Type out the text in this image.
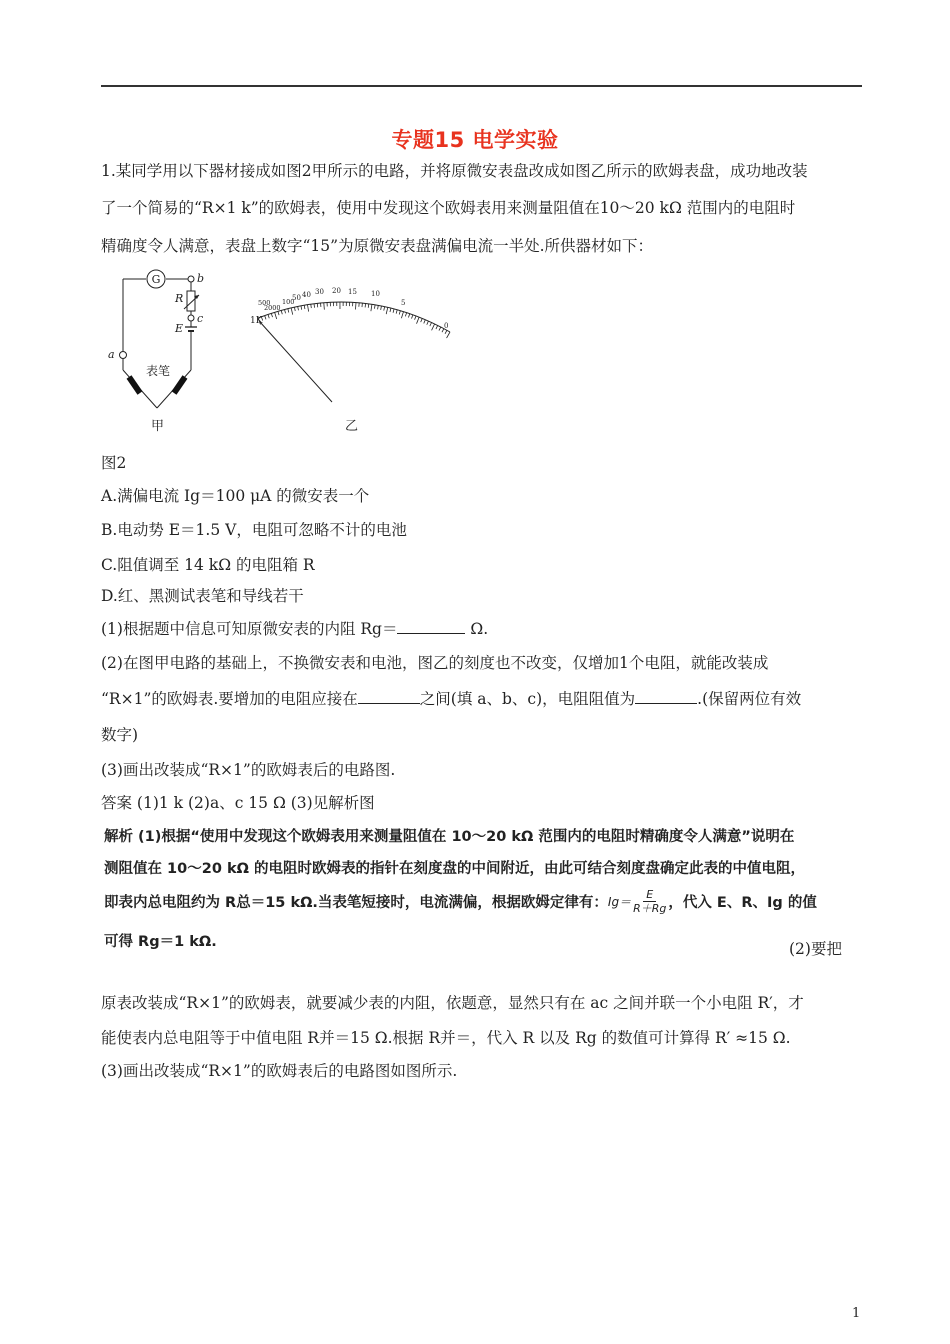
专题15 电学实验
1.某同学用以下器材接成如图2甲所示的电路，并将原微安表盘改成如图乙所示的欧姆表盘，成功地改装
了一个简易的“R×1 k”的欧姆表，使用中发现这个欧姆表用来测量阻值在10～20 kΩ 范围内的电阻时
精确度令人满意，表盘上数字“15”为原微安表盘满偏电流一半处.所供器材如下：
G	b
R
c
E
a
表笔
甲
1K
500
2000
100
50 40 30 20 15 10
5
0
乙
图2
A.满偏电流 Ig＝100 μA 的微安表一个
B.电动势 E＝1.5 V，电阻可忽略不计的电池
C.阻值调至 14 kΩ 的电阻箱 R
D.红、黑测试表笔和导线若干
(1)根据题中信息可知原微安表的内阻 Rg＝	Ω.
(2)在图甲电路的基础上，不换微安表和电池，图乙的刻度也不改变，仅增加1个电阻，就能改装成
“R×1”的欧姆表.要增加的电阻应接在	之间(填 a、b、c)，电阻阻值为	.(保留两位有效
数字)
(3)画出改装成“R×1”的欧姆表后的电路图.
答案 (1)1 k (2)a、c 15 Ω (3)见解析图
解析 (1)根据“使用中发现这个欧姆表用来测量阻值在 10～20 kΩ 范围内的电阻时精确度令人满意”说明在
测阻值在 10～20 kΩ 的电阻时欧姆表的指针在刻度盘的中间附近，由此可结合刻度盘确定此表的中值电阻，
即表内总电阻约为 R总＝15 kΩ.当表笔短接时，电流满偏，根据欧姆定律有： $Ig= \frac{E}{R+Rg}$ ，代入 E、R、Ig 的值
可得 Rg＝1 kΩ.	(2)要把
原表改装成“R×1”的欧姆表，就要减少表的内阻，依题意，显然只有在 ac 之间并联一个小电阻 R′，才
能使表内总电阻等于中值电阻 R并＝15 Ω.根据 R并＝，代入 R 以及 Rg 的数值可计算得 R′ ≈15 Ω.
(3)画出改装成“R×1”的欧姆表后的电路图如图所示.
1
